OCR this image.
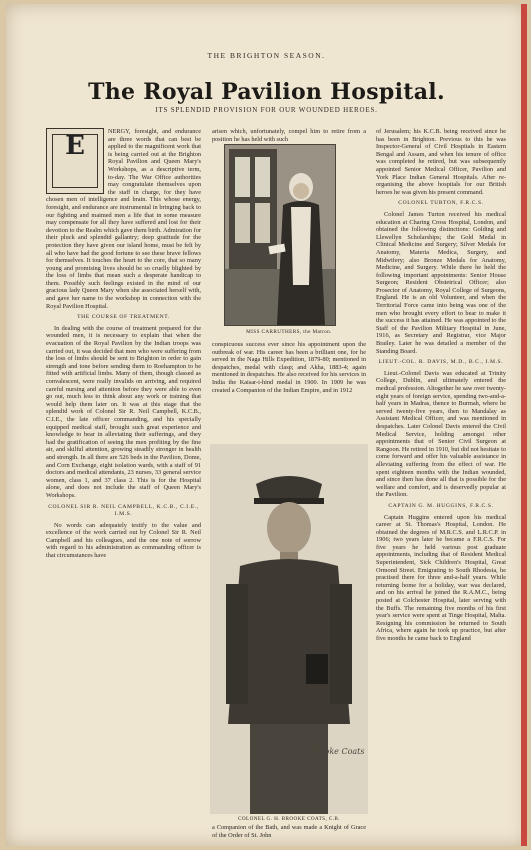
THE BRIGHTON SEASON.
The Royal Pavilion Hospital.
ITS SPLENDID PROVISION FOR OUR WOUNDED HEROES.
E	NERGY, foresight, and endurance are three words that can best be applied to the magnificent work that is being carried out at the Brighton Royal Pavilion and Queen Mary's Workshops, as a descriptive term, to-day. The War Office authorities may congratulate themselves upon the staff in charge, for they have chosen men of intelligence and brain. This whose energy, foresight, and endurance are instrumental in bringing back to our fighting and maimed men a life that in some measure may compensate for all they have suffered and lost for their devotion to the Realm which gave them birth. Admiration for their pluck and splendid gallantry; deep gratitude for the protection they have given our island home, must be felt by all who have had the good fortune to see these brave fellows for themselves. It touches the heart to the core, that so many young and promising lives should be so cruelly blighted by the loss of limbs that mean such a desperate handicap to them. Possibly such feelings existed in the mind of our gracious lady Queen Mary when she associated herself with, and gave her name to the workshop in connection with the Royal Pavilion Hospital.

THE COURSE OF TREATMENT.

In dealing with the course of treatment prepared for the wounded men, it is necessary to explain that when the evacuation of the Royal Pavilion by the Indian troops was carried out, it was decided that men who were suffering from the loss of limbs should be sent to Brighton in order to gain strength and tone before sending them to Roehampton to be fitted with artificial limbs. Many of them, though classed as convalescent, were really invalids on arriving, and required careful nursing and attention before they were able to even go out, much less to think about any work or training that would help them later on. It was at this stage that the splendid work of Colonel Sir R. Neil Campbell, K.C.B., C.I.E., the late officer commanding, and his specially equipped medical staff, brought such great experience and knowledge to bear in alleviating their sufferings, and they had the gratification of seeing the men profiting by the fine air, and skilful attention, growing steadily stronger in health and strength. In all there are 526 beds in the Pavilion, Dome, and Corn Exchange, eight isolation wards, with a staff of 91 doctors and medical attendants, 23 nurses, 33 general service women, class 1, and 37 class 2. This is for the Hospital alone, and does not include the staff of Queen Mary's Workshops.

COLONEL SIR R. NEIL CAMPBELL, K.C.B., C.I.E., I.M.S.

No words can adequately testify to the value and excellence of the work carried out by Colonel Sir R. Neil Campbell and his colleagues, and the one note of sorrow with regard to his administration as commanding officer is that circumstances have

arisen which, unfortunately, compel him to retire from a position he has held with such

MISS CARRUTHERS, the Matron.

conspicuous success ever since his appointment upon the outbreak of war. His career has been a brilliant one, for he served in the Naga Hills Expedition, 1879-80; mentioned in despatches, medal with clasp; and Akha, 1883-4; again mentioned in despatches. He also received for his services in India the Kaisar-i-hind medal in 1900. In 1909 he was created a Companion of the Indian Empire, and in 1912

Brooke Coats
COLONEL G. H. BROOKE COATS, C.B.

a Companion of the Bath, and was made a Knight of Grace of the Order of St. John

of Jerusalem; his K.C.B. being received since he has been in Brighton. Previous to this he was Inspector-General of Civil Hospitals in Eastern Bengal and Assam, and when his tenure of office was completed he retired, but was subsequently appointed Senior Medical Officer, Pavilion and York Place Indian General Hospitals. After re-organising the above hospitals for our British heroes he was given his present command.

COLONEL TURTON, F.R.C.S.

Colonel James Turton received his medical education at Charing Cross Hospital, London, and obtained the following distinctions: Golding and Llewellyn Scholarships; the Gold Medal in Clinical Medicine and Surgery; Silver Medals for Anatomy, Materia Medica, Surgery, and Midwifery; also Bronze Medals for Anatomy, Medicine, and Surgery. While there he held the following important appointments: Senior House Surgeon; Resident Obstetrical Officer; also Prosector of Anatomy, Royal College of Surgeons, England. He is an old Volunteer, and when the Territorial Force came into being was one of the men who brought every effort to bear to make it the success it has attained. He was appointed to the Staff of the Pavilion Military Hospital in June, 1916, as Secretary and Registrar, vice Major Brailey. Later he was detailed a member of the Standing Board.

LIEUT.-COL. R. DAVIS, M.D., B.C., I.M.S.

Lieut.-Colonel Davis was educated at Trinity College, Dublin, and ultimately entered the medical profession. Altogether he saw over twenty-eight years of foreign service, spending two-and-a-half years in Madras, thence to Burmah, where he served twenty-five years, then to Mandalay as Assistant Medical Officer, and was mentioned in despatches. Later Colonel Davis entered the Civil Medical Service, holding amongst other appointments that of Senior Civil Surgeon at Rangoon. He retired in 1910, but did not hesitate to come forward and offer his valuable assistance in alleviating suffering from the effect of war. He spent eighteen months with the Indian wounded, and since then has done all that is possible for the welfare and comfort, and is deservedly popular at the Pavilion.

CAPTAIN G. M. HUGGINS, F.R.C.S.

Captain Huggins entered upon his medical career at St. Thomas's Hospital, London. He obtained the degrees of M.R.C.S. and L.R.C.P. in 1906; two years later he became a F.R.C.S. For five years he held various post graduate appointments, including that of Resident Medical Superintendent, Sick Children's Hospital, Great Ormond Street. Emigrating to South Rhodesia, he practised there for three and-a-half years. While returning home for a holiday, war was declared, and on his arrival he joined the R.A.M.C., being posted at Colchester Hospital, later serving with the Buffs. The remaining five months of his first year's service were spent at Tinge Hospital, Malta. Resigning his commission he returned to South Africa, where again he took up practice, but after five months he came back to England
